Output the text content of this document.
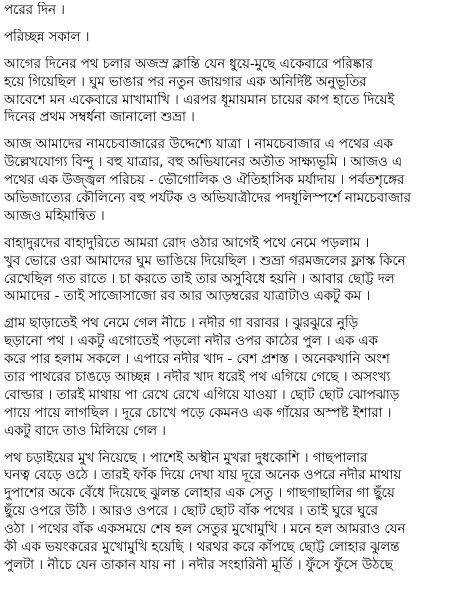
পরের দিন ।
পরিচ্ছন্ন সকাল ।
আগের দিনের পথ চলার অজস্র ক্লান্তি যেন ধুয়ে-মুছে একেবারে পরিষ্কার
হয়ে গিয়েছিল । ঘুম ভাঙার পর নতুন জায়গার এক অনির্দিষ্ট অনুভূতির
আবেশে মন একেবারে মাখামাখি । এরপর ধূমায়মান চায়ের কাপ হাতে দিয়েই
দিনের প্রথম সম্বর্ধনা জানালো শুভ্রা ।
আজ আমাদের নামচেবাজারের উদ্দেশ্যে যাত্রা । নামচেবাজার এ পথের এক
উল্লেখযোগ্য বিন্দু । বহু যাত্রার, বহু অভিযানের অতীত সাক্ষ্যভূমি । আজও এ
পথের এক উজ্জ্বল পরিচয় - ভৌগোলিক ও ঐতিহাসিক মর্যাদায় । পর্বতশৃঙ্গের
অভিজাত্যের কৌলিন্যে বহু পর্যটক ও অভিযাত্রীদের পদধূলিস্পর্শে নামচেবাজার
আজও মহিমান্বিত ।
বাহাদুরদের বাহাদুরিতে আমরা রোদ ওঠার আগেই পথে নেমে পড়লাম ।
খুব ভোরে ওরা আমাদের ঘুম ভাঙিয়ে দিয়েছিল । শুভ্রা গরমজলের ফ্লাস্ক কিনে
রেখেছিল গত রাতে । চা করতে তাই তার অসুবিধে হয়নি । আবার ছোট্ট দল
আমাদের - তাই সাজোসাজো রব আর আড়ম্বরের যাত্রাটাও একটু কম ।
গ্রাম ছাড়াতেই পথ নেমে গেল নীচে । নদীর গা বরাবর । ঝুরঝুরে নুড়ি
ছড়ানো পথ । একটু এগোতেই পড়লো নদীর ওপর কাঠের পুল । এক এক
করে পার হলাম সকলে । এপারে নদীর খাদ - বেশ প্রশস্ত । অনেকখানি অংশ
তার পাথরের চাঙড়ে আচ্ছন্ন । নদীর খাদ ধরেই পথ এগিয়ে গেছে । অসংখ্য
বোল্ডার । তারই মাথায় পা রেখে রেখে এগিয়ে যাওয়া । ছোট ছোট ঝোপঝাড়
পায়ে পায়ে লাগছিল । দূরে চোখে পড়ে কেমনও এক গাঁয়ের অস্পষ্ট ইশারা ।
একটু বাদে তাও মিলিয়ে গেল ।
পথ চড়াইয়ের মুখ নিয়েছে । পাশেই অস্থীন মুখরা দুধকোশি । গাছপালার
ঘনত্ব বেড়ে ওঠে । তারই ফাঁক দিয়ে দেখা যায় দূরে অনেক ওপরে নদীর মাথায়
দুপাশের অকে বেঁধে দিয়েছে ঝুলন্ত লোহার এক সেতু । গাছগাছালির গা ছুঁয়ে
ছুঁয়ে ওপরে উঠি । আরও ওপরে । ছোট ছোট বাঁক পথের । তাই ঘুরে ঘুরে
ওঠা । পথের বাঁক একসময়ে শেষ হল সেতুর মুখোমুখি । মনে হল আমরাও যেন
কী এক ভয়ংকরের মুখোমুখি হয়েছি । থরথর করে কাঁপছে ছোট্ট লোহার ঝুলন্ত
পুলটা । নীচে যেন তাকান যায় না । নদীর সংহারিনী মূর্তি । ফুঁসে ফুঁসে উঠছে
